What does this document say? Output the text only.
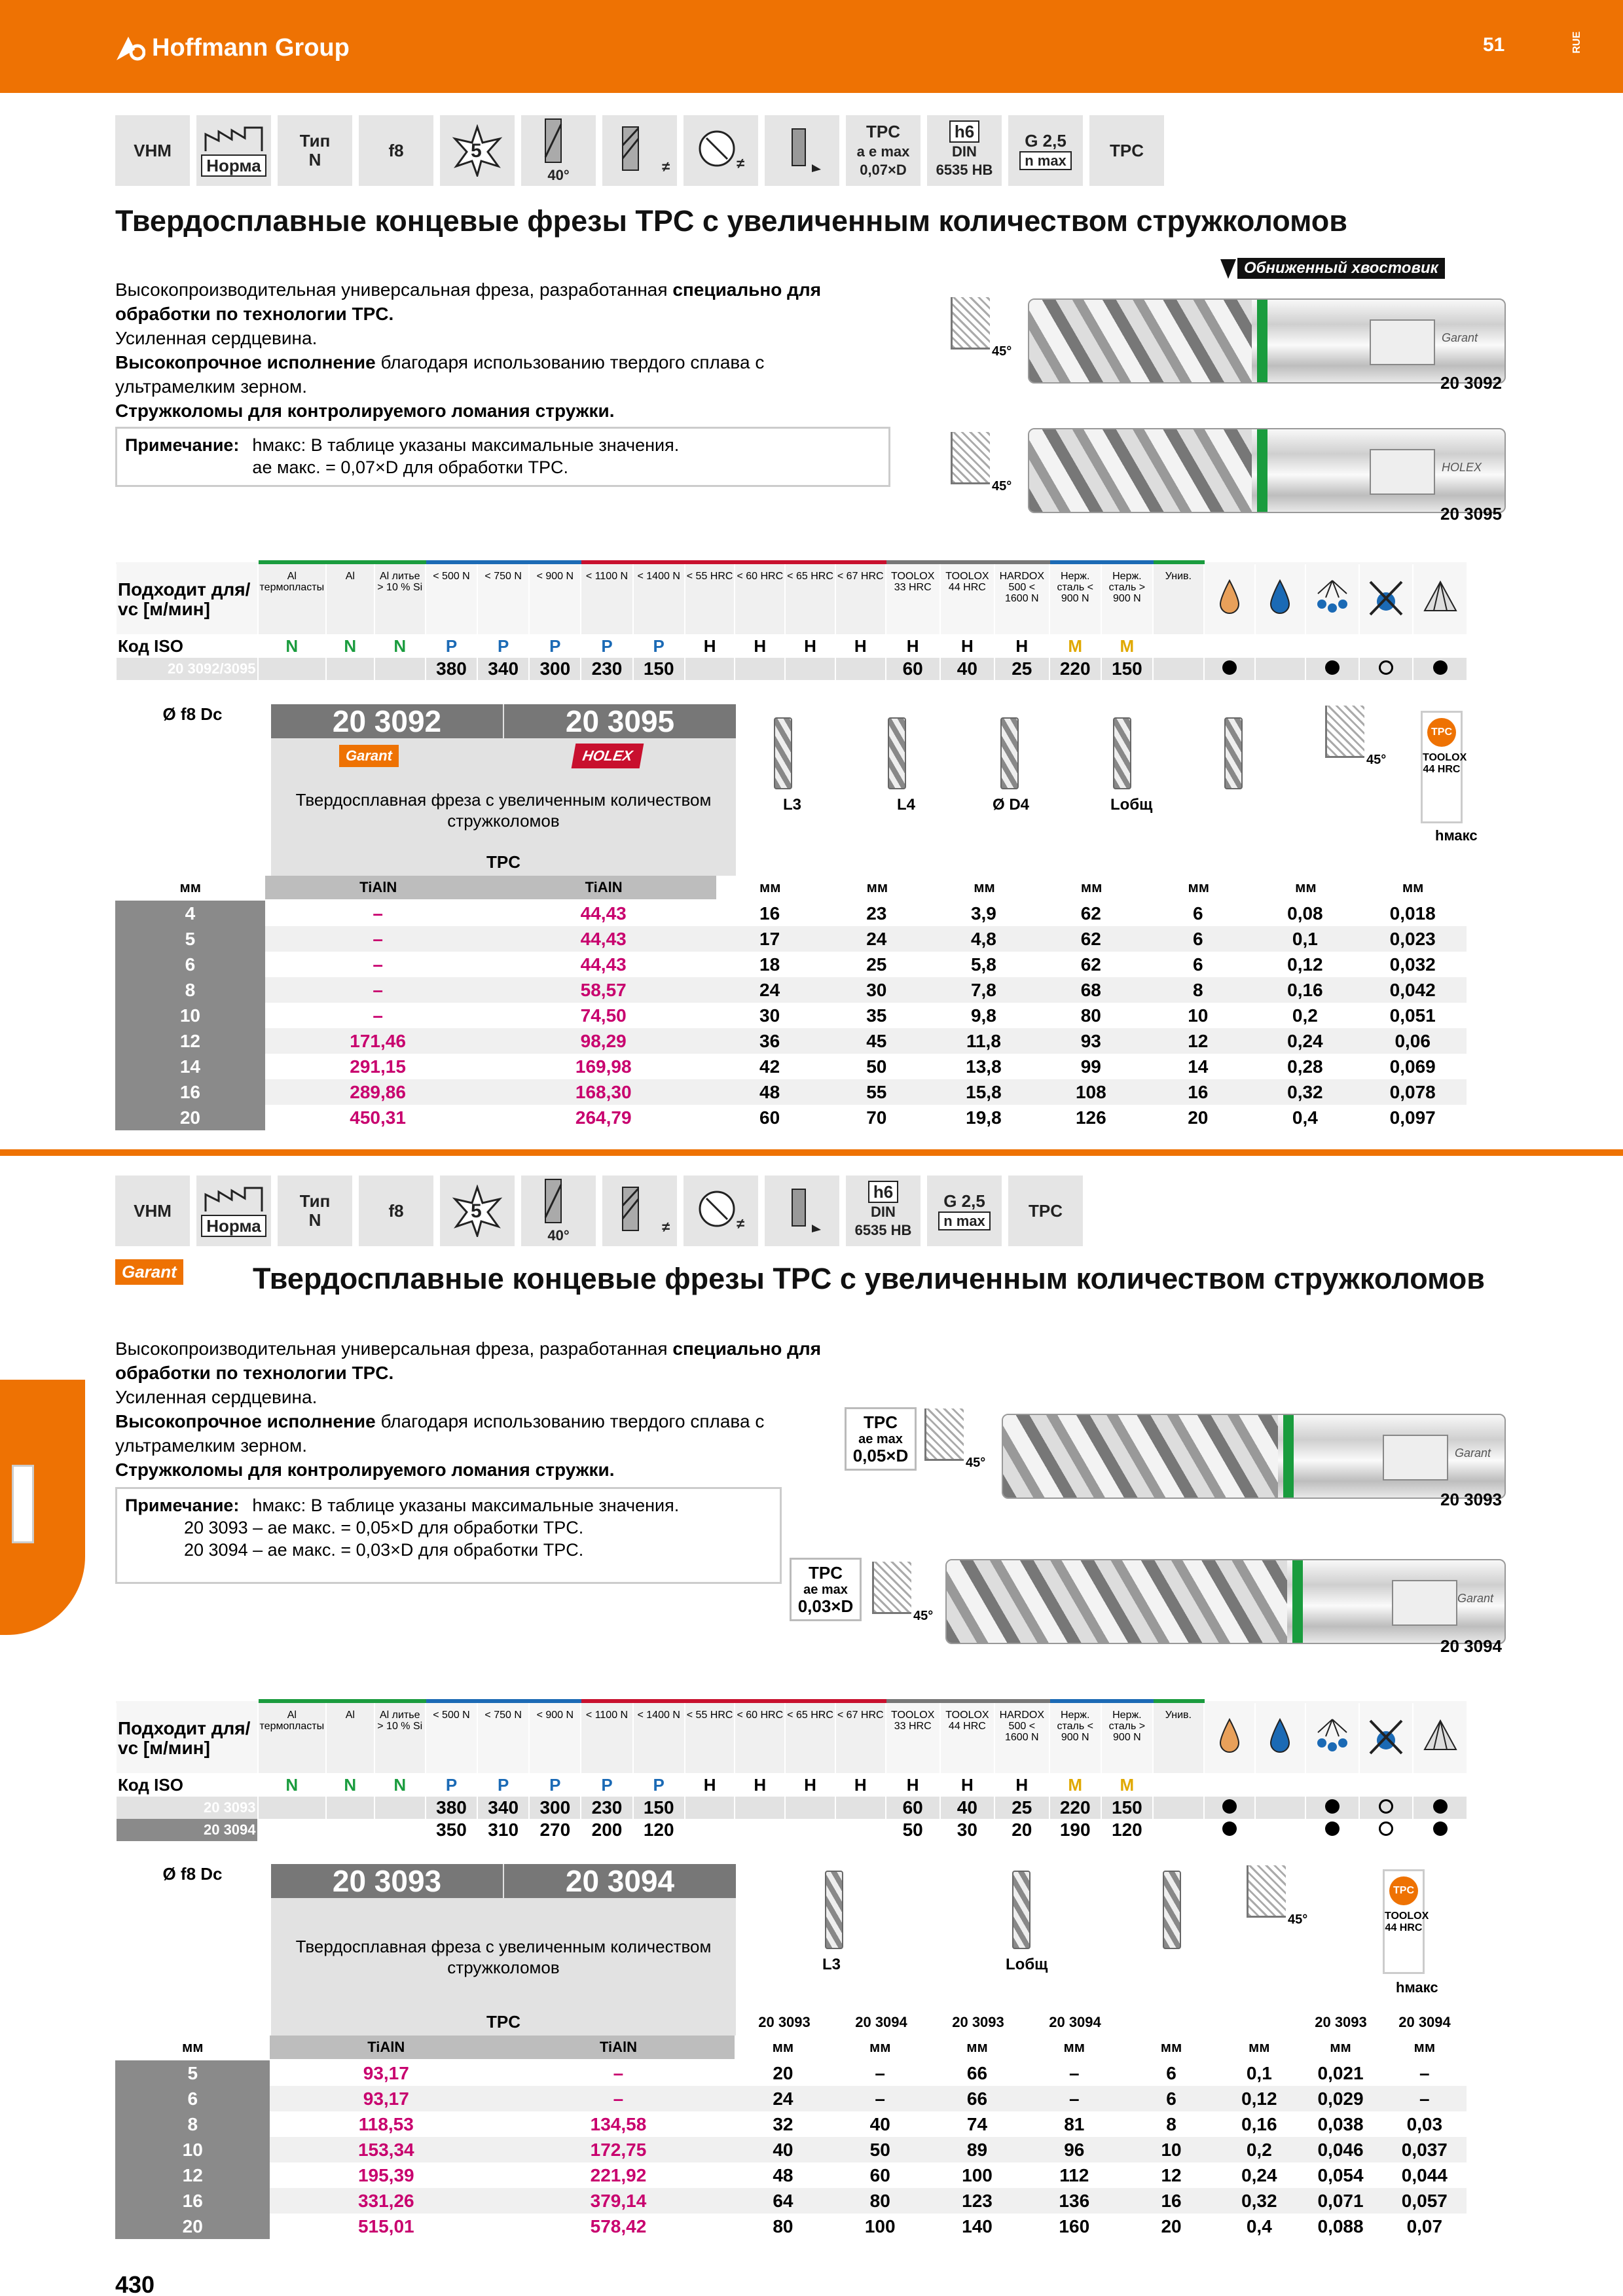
Hoffmann Group	51	RUE
VHM

Норма
Тип
N	f8	5
40°	≠	≠
TPC
a e max
0,07×D
h6
DIN
6535 HB
G 2,5
n max
TPC
Твердосплавные концевые фрезы TPC с увеличенным количеством стружколомов
Высокопроизводительная универсальная фреза, разработанная специально для
обработки по технологии TPC.
Усиленная сердцевина.
Высокопрочное исполнение благодаря использованию твердого сплава с
ультрамелким зерном.
Стружколомы для контролируемого ломания стружки.
Примечание: hмакс: В таблице указаны максимальные значения.
ae макс. = 0,07×D для обработки TPC.
Обниженный хвостовик
45°
Garant
20 3092
45°
HOLEX
20 3095
Подходит для/
vc [м/мин]	Al термопласты	Al	Al литье > 10 % Si	< 500 N	< 750 N	< 900 N	< 1100 N	< 1400 N	< 55 HRC	< 60 HRC	< 65 HRC	< 67 HRC	TOOLOX 33 HRC	TOOLOX 44 HRC	HARDOX 500 < 1600 N	Нерж. сталь < 900 N	Нерж. сталь > 900 N	Унив.					
Код ISO	N	N	N	P	P	P	P	P	H	H	H	H	H	H	H	M	M						
20 3092/3095				380	340	300	230	150					60	40	25	220	150						
Ø f8 Dc	20 3092	20 3095
Garant	HOLEX
Твердосплавная фреза с увеличенным количеством стружколомов
TPC
L3	L4	Ø D4	Lобщ
45°
TPC
TOOLOX 44 HRC
hмакс
мм	TiAlN	TiAlN	мм	мм	мм	мм	мм	мм	мм
4	–	44,43	16	23	3,9	62	6	0,08	0,018
5	–	44,43	17	24	4,8	62	6	0,1	0,023
6	–	44,43	18	25	5,8	62	6	0,12	0,032
8	–	58,57	24	30	7,8	68	8	0,16	0,042
10	–	74,50	30	35	9,8	80	10	0,2	0,051
12	171,46	98,29	36	45	11,8	93	12	0,24	0,06
14	291,15	169,98	42	50	13,8	99	14	0,28	0,069
16	289,86	168,30	48	55	15,8	108	16	0,32	0,078
20	450,31	264,79	60	70	19,8	126	20	0,4	0,097
VHM

Норма
Тип
N	f8	5
40°	≠	≠
h6
DIN
6535 HB
G 2,5
n max
TPC
Garant	Твердосплавные концевые фрезы TPC с увеличенным количеством стружколомов
Высокопроизводительная универсальная фреза, разработанная специально для
обработки по технологии TPC.
Усиленная сердцевина.
Высокопрочное исполнение благодаря использованию твердого сплава с
ультрамелким зерном.
Стружколомы для контролируемого ломания стружки.
Примечание: hмакс: В таблице указаны максимальные значения.
20 3093 – ae макс. = 0,05×D для обработки TPC.
20 3094 – ae макс. = 0,03×D для обработки TPC.
TPC
ae max
0,05×D	45°
Garant
20 3093
TPC
ae max
0,03×D
45°
Garant
20 3094
Подходит для/
vc [м/мин]	Al термопласты	Al	Al литье > 10 % Si	< 500 N	< 750 N	< 900 N	< 1100 N	< 1400 N	< 55 HRC	< 60 HRC	< 65 HRC	< 67 HRC	TOOLOX 33 HRC	TOOLOX 44 HRC	HARDOX 500 < 1600 N	Нерж. сталь < 900 N	Нерж. сталь > 900 N	Унив.					
Код ISO	N	N	N	P	P	P	P	P	H	H	H	H	H	H	H	M	M						
20 3093				380	340	300	230	150					60	40	25	220	150						
20 3094				350	310	270	200	120					50	30	20	190	120						
Ø f8 Dc	20 3093	20 3094
Твердосплавная фреза с увеличенным количеством стружколомов
TPC
L3	Lобщ
45°
TPC
TOOLOX 44 HRC
hмакс
20 3093	20 3094	20 3093	20 3094			20 3093	20 3094
мм	TiAlN	TiAlN	мм	мм	мм	мм	мм	мм	мм	мм
5	93,17	–	20	–	66	–	6	0,1	0,021	–
6	93,17	–	24	–	66	–	6	0,12	0,029	–
8	118,53	134,58	32	40	74	81	8	0,16	0,038	0,03
10	153,34	172,75	40	50	89	96	10	0,2	0,046	0,037
12	195,39	221,92	48	60	100	112	12	0,24	0,054	0,044
16	331,26	379,14	64	80	123	136	16	0,32	0,071	0,057
20	515,01	578,42	80	100	140	160	20	0,4	0,088	0,07
430
